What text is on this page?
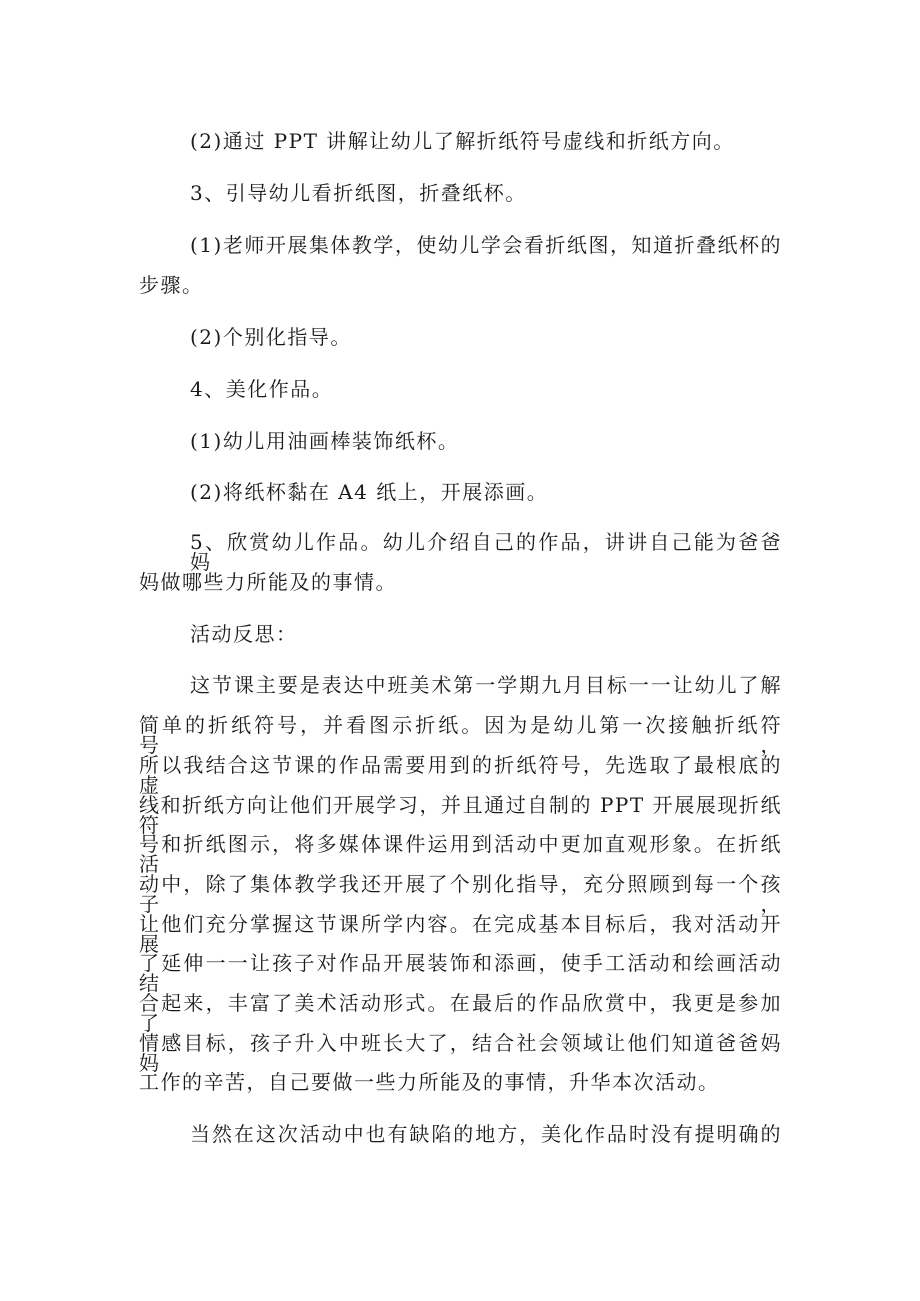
(2)通过 PPT 讲解让幼儿了解折纸符号虚线和折纸方向。
3、引导幼儿看折纸图，折叠纸杯。
(1)老师开展集体教学，使幼儿学会看折纸图，知道折叠纸杯的
步骤。
(2)个别化指导。
4、美化作品。
(1)幼儿用油画棒装饰纸杯。
(2)将纸杯黏在 A4 纸上，开展添画。
5、欣赏幼儿作品。幼儿介绍自己的作品，讲讲自己能为爸爸妈
妈做哪些力所能及的事情。
活动反思：
这节课主要是表达中班美术第一学期九月目标一一让幼儿了解
简单的折纸符号，并看图示折纸。因为是幼儿第一次接触折纸符号，
所以我结合这节课的作品需要用到的折纸符号，先选取了最根底的虚
线和折纸方向让他们开展学习，并且通过自制的 PPT 开展展现折纸符
号和折纸图示，将多媒体课件运用到活动中更加直观形象。在折纸活
动中，除了集体教学我还开展了个别化指导，充分照顾到每一个孩子，
让他们充分掌握这节课所学内容。在完成基本目标后，我对活动开展
了延伸一一让孩子对作品开展装饰和添画，使手工活动和绘画活动结
合起来，丰富了美术活动形式。在最后的作品欣赏中，我更是参加了
情感目标，孩子升入中班长大了，结合社会领域让他们知道爸爸妈妈
工作的辛苦，自己要做一些力所能及的事情，升华本次活动。
当然在这次活动中也有缺陷的地方，美化作品时没有提明确的
